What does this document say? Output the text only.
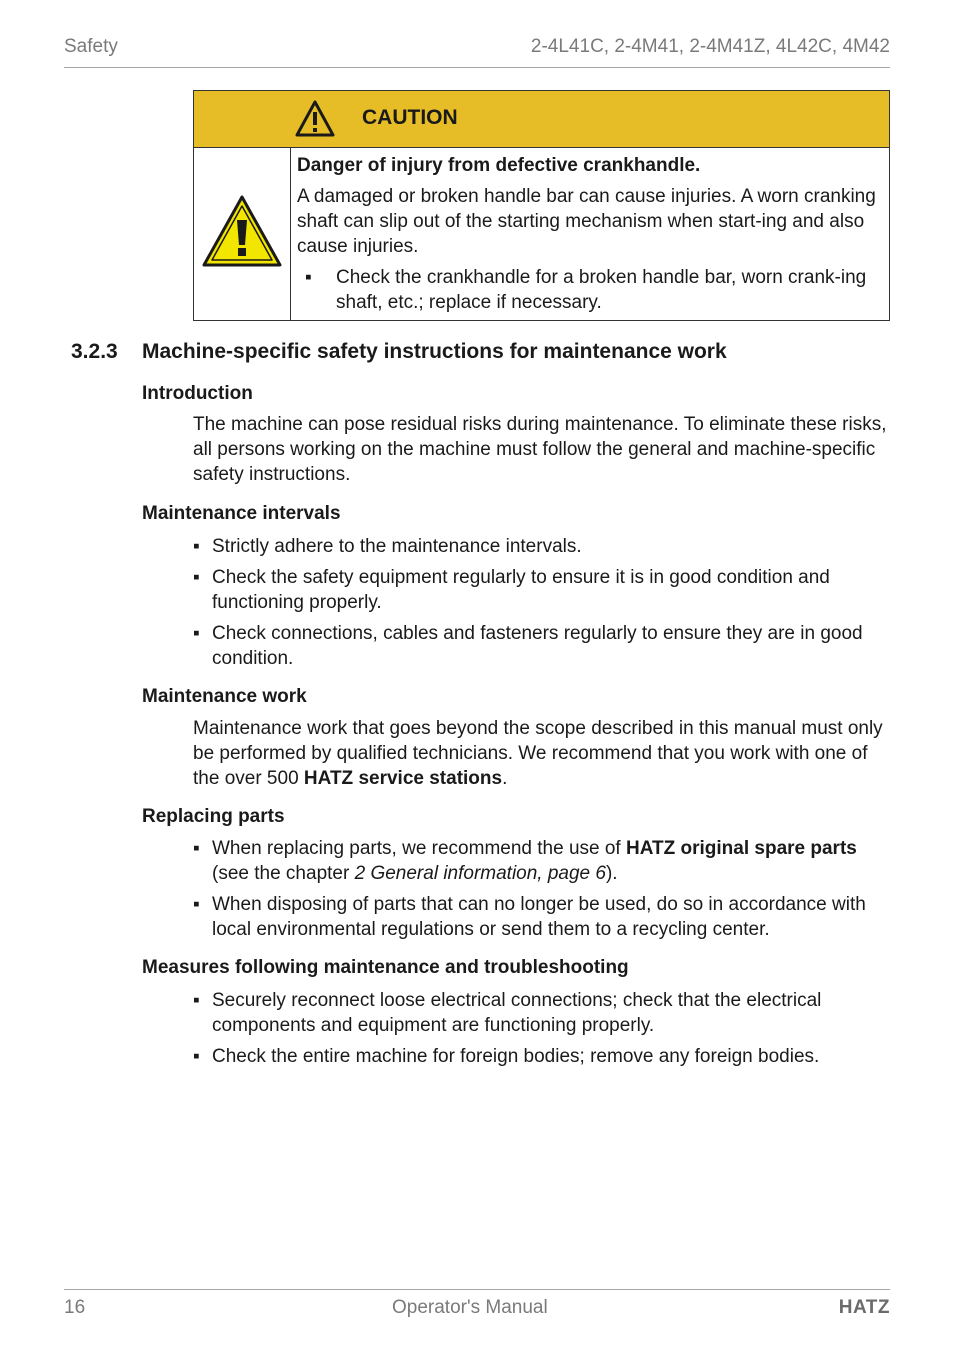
Safety	2-4L41C, 2-4M41, 2-4M41Z, 4L42C, 4M42
CAUTION

Danger of injury from defective crankhandle.

A damaged or broken handle bar can cause injuries. A worn cranking shaft can slip out of the starting mechanism when start-ing and also cause injuries.

▪ Check the crankhandle for a broken handle bar, worn crank-ing shaft, etc.; replace if necessary.
3.2.3 Machine-specific safety instructions for maintenance work
Introduction

The machine can pose residual risks during maintenance. To eliminate these risks, all persons working on the machine must follow the general and machine-specific safety instructions.

Maintenance intervals
▪ Strictly adhere to the maintenance intervals.
▪ Check the safety equipment regularly to ensure it is in good condition and functioning properly.
▪ Check connections, cables and fasteners regularly to ensure they are in good condition.
Maintenance work

Maintenance work that goes beyond the scope described in this manual must only be performed by qualified technicians. We recommend that you work with one of the over 500 HATZ service stations.

Replacing parts
▪ When replacing parts, we recommend the use of HATZ original spare parts (see the chapter 2 General information, page 6).
▪ When disposing of parts that can no longer be used, do so in accordance with local environmental regulations or send them to a recycling center.
Measures following maintenance and troubleshooting
▪ Securely reconnect loose electrical connections; check that the electrical components and equipment are functioning properly.
▪ Check the entire machine for foreign bodies; remove any foreign bodies.
16	Operator's Manual	HATZ
